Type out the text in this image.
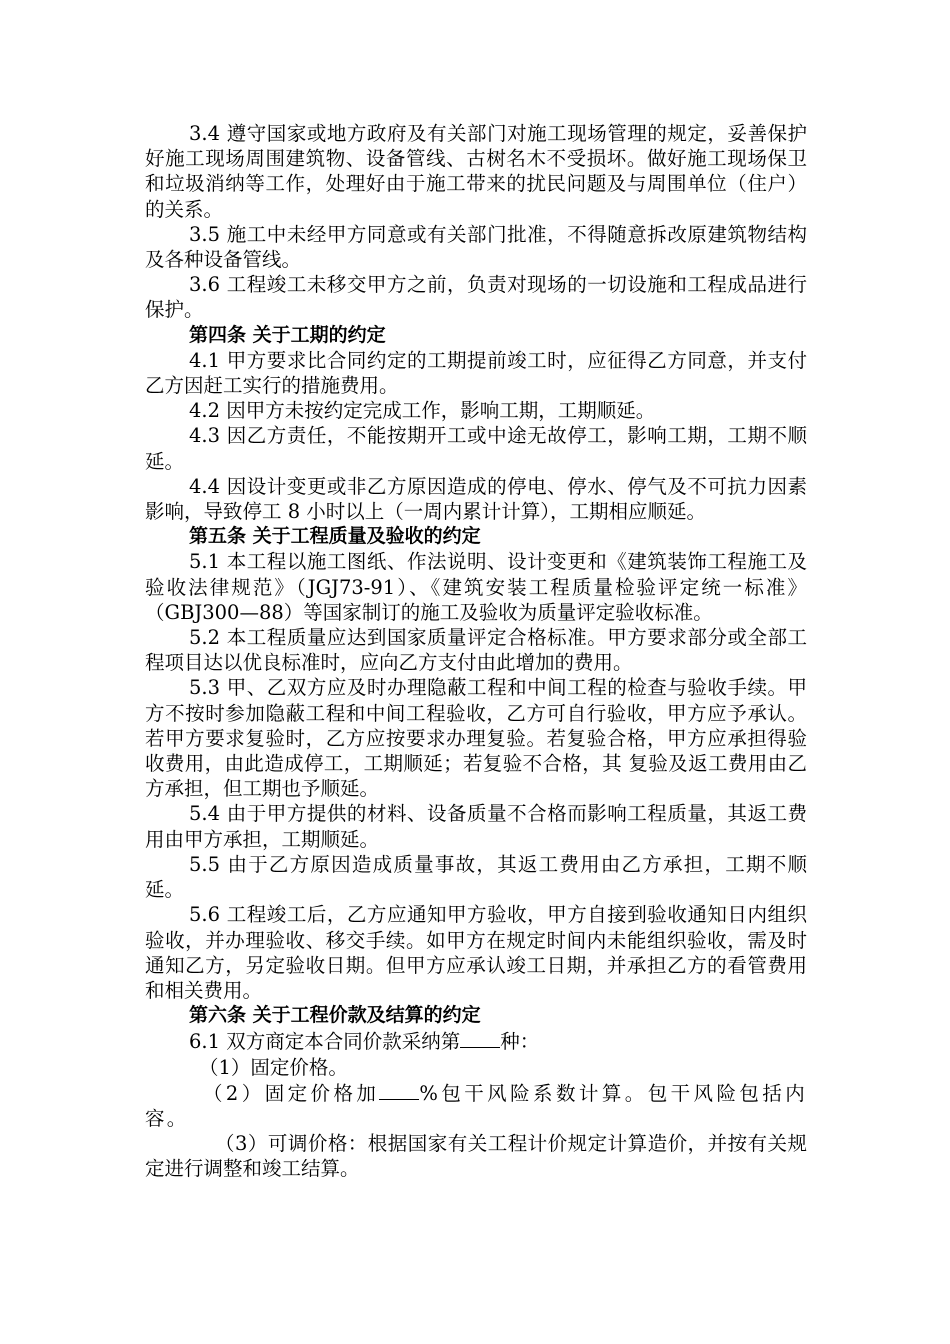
3.4 遵守国家或地方政府及有关部门对施工现场管理的规定，妥善保护好施工现场周围建筑物、设备管线、古树名木不受损坏。做好施工现场保卫和垃圾消纳等工作，处理好由于施工带来的扰民问题及与周围单位（住户）的关系。

3.5 施工中未经甲方同意或有关部门批准，不得随意拆改原建筑物结构及各种设备管线。

3.6 工程竣工未移交甲方之前，负责对现场的一切设施和工程成品进行保护。

第四条 关于工期的约定

4.1 甲方要求比合同约定的工期提前竣工时，应征得乙方同意，并支付乙方因赶工实行的措施费用。

4.2 因甲方未按约定完成工作，影响工期，工期顺延。

4.3 因乙方责任，不能按期开工或中途无故停工，影响工期，工期不顺延。

4.4 因设计变更或非乙方原因造成的停电、停水、停气及不可抗力因素影响，导致停工 8 小时以上（一周内累计计算），工期相应顺延。

第五条 关于工程质量及验收的约定

5.1 本工程以施工图纸、作法说明、设计变更和《建筑装饰工程施工及验收法律规范》（JGJ73-91）、《建筑安装工程质量检验评定统一标准》（GBJ300—88）等国家制订的施工及验收为质量评定验收标准。

5.2 本工程质量应达到国家质量评定合格标准。甲方要求部分或全部工程项目达以优良标准时，应向乙方支付由此增加的费用。

5.3 甲、乙双方应及时办理隐蔽工程和中间工程的检查与验收手续。甲方不按时参加隐蔽工程和中间工程验收，乙方可自行验收，甲方应予承认。若甲方要求复验时，乙方应按要求办理复验。若复验合格，甲方应承担得验收费用，由此造成停工，工期顺延；若复验不合格，其 复验及返工费用由乙方承担，但工期也予顺延。

5.4 由于甲方提供的材料、设备质量不合格而影响工程质量，其返工费用由甲方承担，工期顺延。

5.5 由于乙方原因造成质量事故，其返工费用由乙方承担，工期不顺延。

5.6 工程竣工后，乙方应通知甲方验收，甲方自接到验收通知日内组织验收，并办理验收、移交手续。如甲方在规定时间内未能组织验收，需及时通知乙方，另定验收日期。但甲方应承认竣工日期，并承担乙方的看管费用和相关费用。

第六条 关于工程价款及结算的约定

6.1 双方商定本合同价款采纳第 种：

（1）固定价格。

（2）固定价格加 %包干风险系数计算。包干风险包括内容。

（3）可调价格：根据国家有关工程计价规定计算造价，并按有关规定进行调整和竣工结算。
